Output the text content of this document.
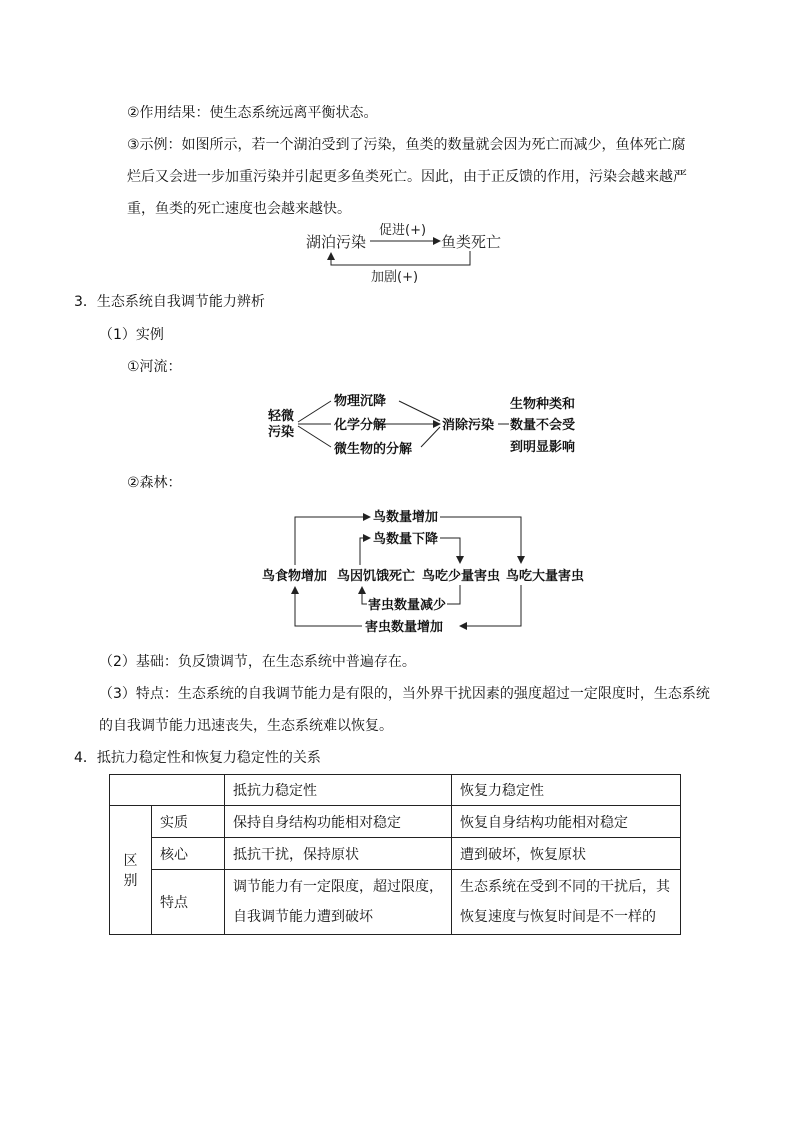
②作用结果：使生态系统远离平衡状态。
③示例：如图所示，若一个湖泊受到了污染，鱼类的数量就会因为死亡而减少，鱼体死亡腐烂后又会进一步加重污染并引起更多鱼类死亡。因此，由于正反馈的作用，污染会越来越严重，鱼类的死亡速度也会越来越快。
湖泊污染	鱼类死亡
促进(+)
加剧(+)
3．生态系统自我调节能力辨析
（1）实例
①河流：
轻微
污染
物理沉降
化学分解
微生物的分解
消除污染
生物种类和
数量不会受
到明显影响
②森林：
鸟食物增加 鸟因饥饿死亡 鸟吃少量害虫 鸟吃大量害虫
鸟数量增加
鸟数量下降
害虫数量减少
害虫数量增加
（2）基础：负反馈调节，在生态系统中普遍存在。
（3）特点：生态系统的自我调节能力是有限的，当外界干扰因素的强度超过一定限度时，生态系统的自我调节能力迅速丧失，生态系统难以恢复。
4．抵抗力稳定性和恢复力稳定性的关系
		抵抗力稳定性	恢复力稳定性
区别	实质	保持自身结构功能相对稳定	恢复自身结构功能相对稳定
	核心	抵抗干扰，保持原状	遭到破坏，恢复原状
	特点	调节能力有一定限度，超过限度，自我调节能力遭到破坏	生态系统在受到不同的干扰后，其恢复速度与恢复时间是不一样的
